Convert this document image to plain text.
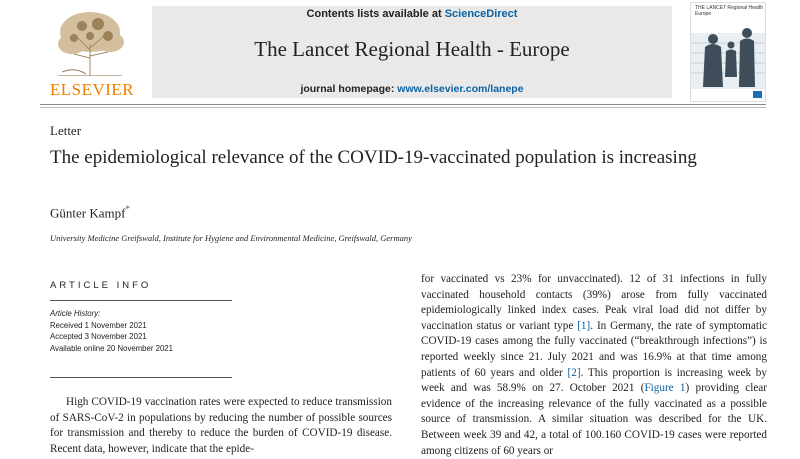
ELSEVIER
Contents lists available at ScienceDirect
The Lancet Regional Health - Europe
journal homepage: www.elsevier.com/lanepe
THE LANCET Regional Health
Europe
Letter
The epidemiological relevance of the COVID-19-vaccinated population is increasing
Günter Kampf*
University Medicine Greifswald, Institute for Hygiene and Environmental Medicine, Greifswald, Germany
ARTICLE INFO
Article History:
Received 1 November 2021
Accepted 3 November 2021
Available online 20 November 2021

High COVID-19 vaccination rates were expected to reduce transmission of SARS-CoV-2 in populations by reducing the number of possible sources for transmission and thereby to reduce the burden of COVID-19 disease. Recent data, however, indicate that the epide-

for vaccinated vs 23% for unvaccinated). 12 of 31 infections in fully vaccinated household contacts (39%) arose from fully vaccinated epidemiologically linked index cases. Peak viral load did not differ by vaccination status or variant type [1]. In Germany, the rate of symptomatic COVID-19 cases among the fully vaccinated (“breakthrough infections”) is reported weekly since 21. July 2021 and was 16.9% at that time among patients of 60 years and older [2]. This proportion is increasing week by week and was 58.9% on 27. October 2021 (Figure 1) providing clear evidence of the increasing relevance of the fully vaccinated as a possible source of transmission. A similar situation was described for the UK. Between week 39 and 42, a total of 100.160 COVID-19 cases were reported among citizens of 60 years or
